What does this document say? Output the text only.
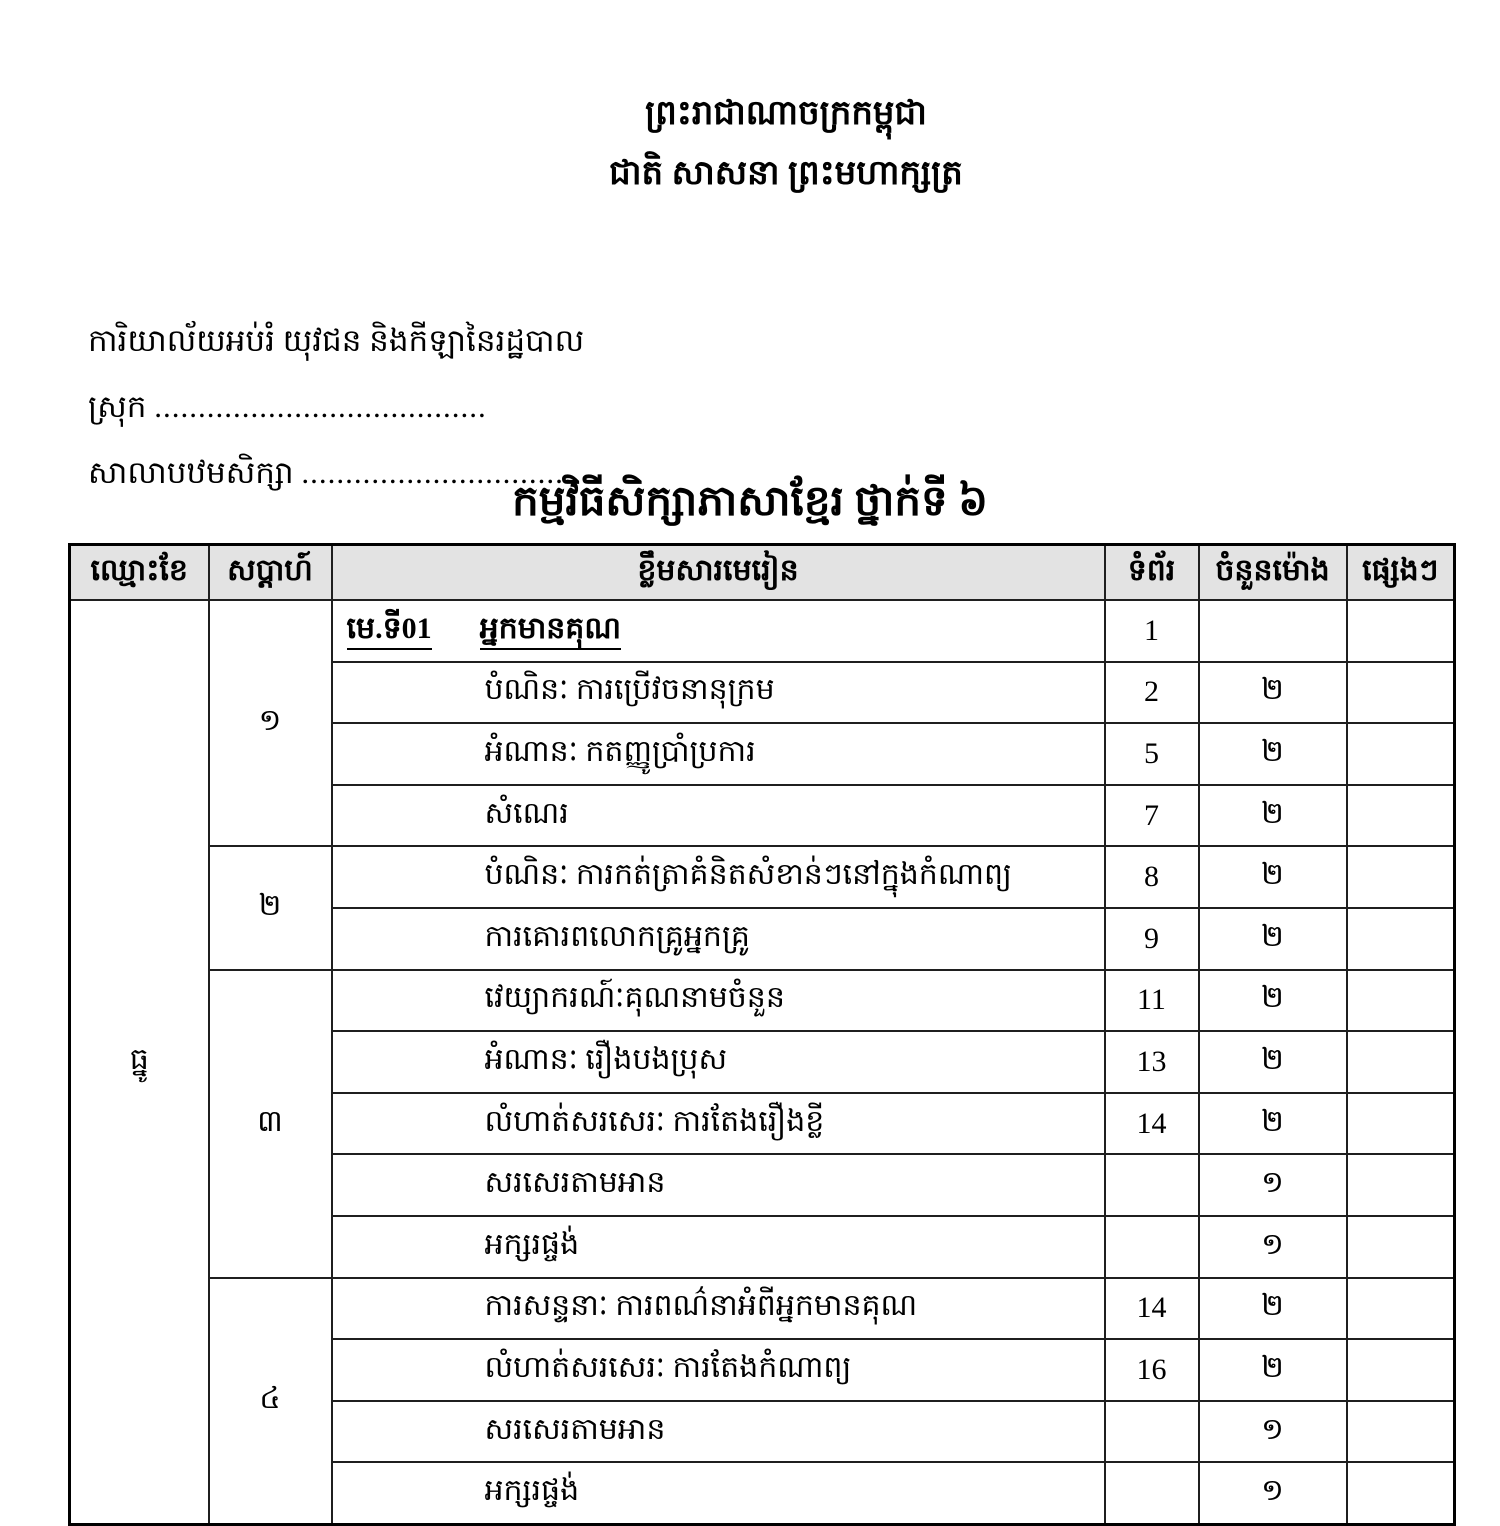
ព្រះរាជាណាចក្រកម្ពុជា
ជាតិ សាសនា ព្រះមហាក្សត្រ
ការិយាល័យអប់រំ យុវជន និងកីឡានៃរដ្ឋបាល
ស្រុក ......................................
សាលាបឋមសិក្សា ..................................
កម្មវិធីសិក្សាភាសាខ្មែរ ថ្នាក់ទី ៦
ឈ្មោះខែ	សប្ដាហ៍	ខ្លឹមសារមេរៀន	ទំព័រ	ចំនួនម៉ោង	ផ្សេងៗ
ធ្នូ	១	មេ.ទី01 អ្នកមានគុណ	1		
		បំណិនៈ ការប្រើវចនានុក្រម	2	២	
		អំណានៈ កតញ្ញូប្រាំប្រការ	5	២	
		សំណេរ	7	២	
	២	បំណិនៈ ការកត់ត្រាគំនិតសំខាន់ៗនៅក្នុងកំណាព្យ	8	២	
		ការគោរពលោកគ្រូអ្នកគ្រូ	9	២	
	៣	វេយ្យាករណ៍ៈគុណនាមចំនួន	11	២	
		អំណានៈ រឿងបងប្រុស	13	២	
		លំហាត់សរសេរៈ ការតែងរឿងខ្លី	14	២	
		សរសេរតាមអាន		១	
		អក្សរផ្ចង់		១	
	៤	ការសន្ទនាៈ ការពណ៌នាអំពីអ្នកមានគុណ	14	២	
		លំហាត់សរសេរៈ ការតែងកំណាព្យ	16	២	
		សរសេរតាមអាន		១	
		អក្សរផ្ចង់		១	
